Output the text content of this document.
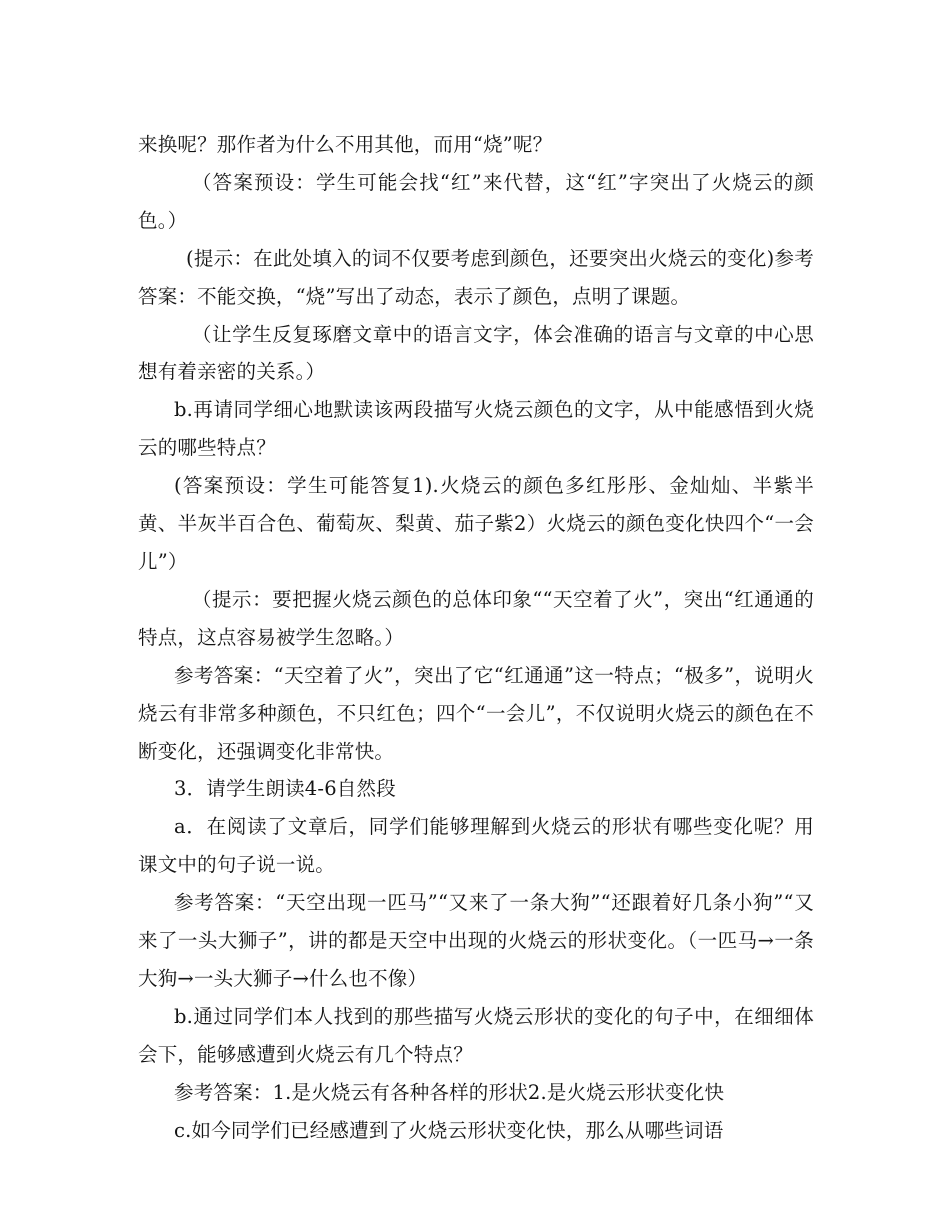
来换呢？那作者为什么不用其他，而用“烧”呢？

（答案预设：学生可能会找“红”来代替，这“红”字突出了火烧云的颜色。）

(提示：在此处填入的词不仅要考虑到颜色，还要突出火烧云的变化)参考答案：不能交换，“烧”写出了动态，表示了颜色，点明了课题。

（让学生反复琢磨文章中的语言文字，体会准确的语言与文章的中心思想有着亲密的关系。）

b.再请同学细心地默读该两段描写火烧云颜色的文字，从中能感悟到火烧云的哪些特点？

(答案预设：学生可能答复1).火烧云的颜色多红彤彤、金灿灿、半紫半黄、半灰半百合色、葡萄灰、梨黄、茄子紫2）火烧云的颜色变化快四个“一会儿”）

（提示：要把握火烧云颜色的总体印象““天空着了火”，突出“红通通的特点，这点容易被学生忽略。）

参考答案：“天空着了火”，突出了它“红通通”这一特点；“极多”，说明火烧云有非常多种颜色，不只红色；四个“一会儿”，不仅说明火烧云的颜色在不断变化，还强调变化非常快。

3．请学生朗读4-6自然段

a．在阅读了文章后，同学们能够理解到火烧云的形状有哪些变化呢？用课文中的句子说一说。

参考答案：“天空出现一匹马”“又来了一条大狗”“还跟着好几条小狗”“又来了一头大狮子”，讲的都是天空中出现的火烧云的形状变化。（一匹马→一条大狗→一头大狮子→什么也不像）

b.通过同学们本人找到的那些描写火烧云形状的变化的句子中，在细细体会下，能够感遭到火烧云有几个特点？

参考答案：1.是火烧云有各种各样的形状2.是火烧云形状变化快

c.如今同学们已经感遭到了火烧云形状变化快，那么从哪些词语
